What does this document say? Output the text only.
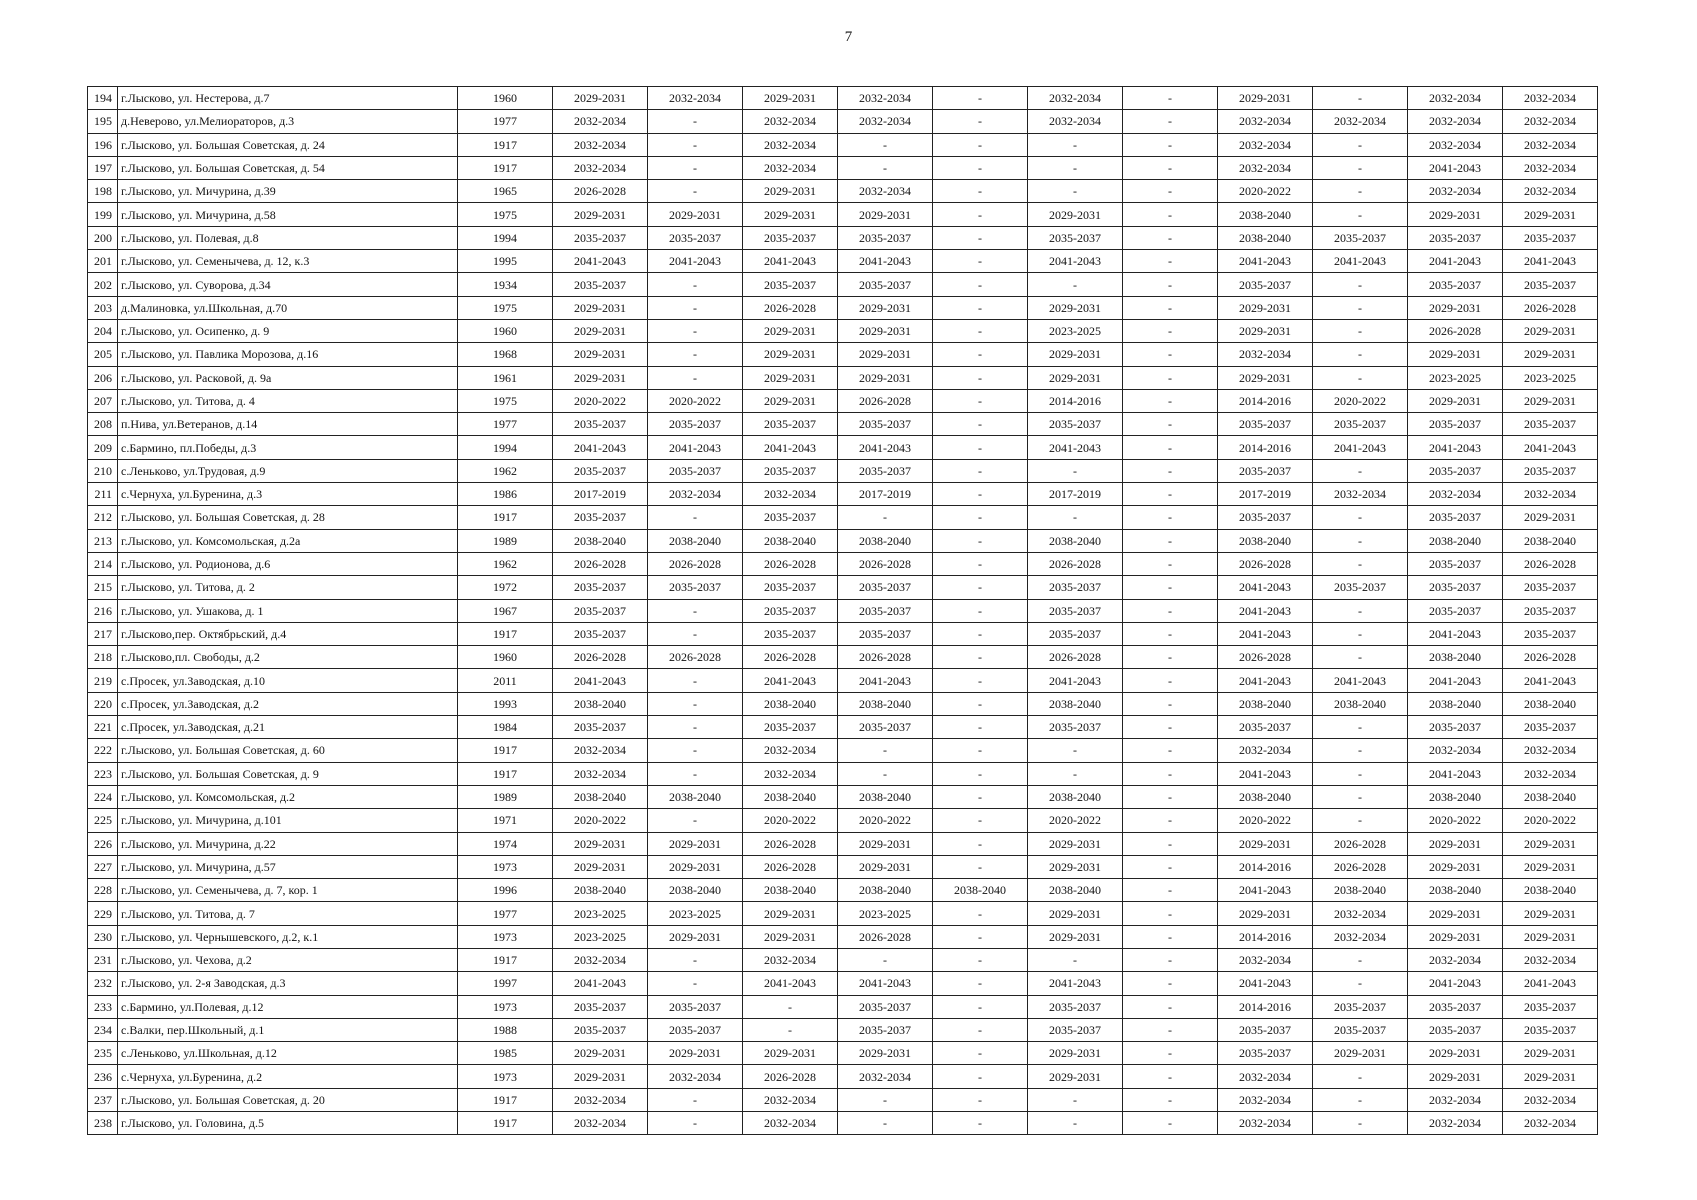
7
194	г.Лысково, ул. Нестерова, д.7	1960	2029-2031	2032-2034	2029-2031	2032-2034	-	2032-2034	-	2029-2031	-	2032-2034	2032-2034
195	д.Неверово, ул.Мелиораторов, д.3	1977	2032-2034	-	2032-2034	2032-2034	-	2032-2034	-	2032-2034	2032-2034	2032-2034	2032-2034
196	г.Лысково, ул. Большая Советская, д. 24	1917	2032-2034	-	2032-2034	-	-	-	-	2032-2034	-	2032-2034	2032-2034
197	г.Лысково, ул. Большая Советская, д. 54	1917	2032-2034	-	2032-2034	-	-	-	-	2032-2034	-	2041-2043	2032-2034
198	г.Лысково, ул. Мичурина, д.39	1965	2026-2028	-	2029-2031	2032-2034	-	-	-	2020-2022	-	2032-2034	2032-2034
199	г.Лысково, ул. Мичурина, д.58	1975	2029-2031	2029-2031	2029-2031	2029-2031	-	2029-2031	-	2038-2040	-	2029-2031	2029-2031
200	г.Лысково, ул. Полевая, д.8	1994	2035-2037	2035-2037	2035-2037	2035-2037	-	2035-2037	-	2038-2040	2035-2037	2035-2037	2035-2037
201	г.Лысково, ул. Семенычева, д. 12, к.3	1995	2041-2043	2041-2043	2041-2043	2041-2043	-	2041-2043	-	2041-2043	2041-2043	2041-2043	2041-2043
202	г.Лысково, ул. Суворова, д.34	1934	2035-2037	-	2035-2037	2035-2037	-	-	-	2035-2037	-	2035-2037	2035-2037
203	д.Малиновка, ул.Школьная, д.70	1975	2029-2031	-	2026-2028	2029-2031	-	2029-2031	-	2029-2031	-	2029-2031	2026-2028
204	г.Лысково, ул. Осипенко, д. 9	1960	2029-2031	-	2029-2031	2029-2031	-	2023-2025	-	2029-2031	-	2026-2028	2029-2031
205	г.Лысково, ул. Павлика Морозова, д.16	1968	2029-2031	-	2029-2031	2029-2031	-	2029-2031	-	2032-2034	-	2029-2031	2029-2031
206	г.Лысково, ул. Расковой, д. 9а	1961	2029-2031	-	2029-2031	2029-2031	-	2029-2031	-	2029-2031	-	2023-2025	2023-2025
207	г.Лысково, ул. Титова, д. 4	1975	2020-2022	2020-2022	2029-2031	2026-2028	-	2014-2016	-	2014-2016	2020-2022	2029-2031	2029-2031
208	п.Нива, ул.Ветеранов, д.14	1977	2035-2037	2035-2037	2035-2037	2035-2037	-	2035-2037	-	2035-2037	2035-2037	2035-2037	2035-2037
209	с.Бармино, пл.Победы, д.3	1994	2041-2043	2041-2043	2041-2043	2041-2043	-	2041-2043	-	2014-2016	2041-2043	2041-2043	2041-2043
210	с.Леньково, ул.Трудовая, д.9	1962	2035-2037	2035-2037	2035-2037	2035-2037	-	-	-	2035-2037	-	2035-2037	2035-2037
211	с.Чернуха, ул.Буренина, д.3	1986	2017-2019	2032-2034	2032-2034	2017-2019	-	2017-2019	-	2017-2019	2032-2034	2032-2034	2032-2034
212	г.Лысково, ул. Большая Советская, д. 28	1917	2035-2037	-	2035-2037	-	-	-	-	2035-2037	-	2035-2037	2029-2031
213	г.Лысково, ул. Комсомольская, д.2а	1989	2038-2040	2038-2040	2038-2040	2038-2040	-	2038-2040	-	2038-2040	-	2038-2040	2038-2040
214	г.Лысково, ул. Родионова, д.6	1962	2026-2028	2026-2028	2026-2028	2026-2028	-	2026-2028	-	2026-2028	-	2035-2037	2026-2028
215	г.Лысково, ул. Титова, д. 2	1972	2035-2037	2035-2037	2035-2037	2035-2037	-	2035-2037	-	2041-2043	2035-2037	2035-2037	2035-2037
216	г.Лысково, ул. Ушакова, д. 1	1967	2035-2037	-	2035-2037	2035-2037	-	2035-2037	-	2041-2043	-	2035-2037	2035-2037
217	г.Лысково,пер. Октябрьский, д.4	1917	2035-2037	-	2035-2037	2035-2037	-	2035-2037	-	2041-2043	-	2041-2043	2035-2037
218	г.Лысково,пл. Свободы, д.2	1960	2026-2028	2026-2028	2026-2028	2026-2028	-	2026-2028	-	2026-2028	-	2038-2040	2026-2028
219	с.Просек, ул.Заводская, д.10	2011	2041-2043	-	2041-2043	2041-2043	-	2041-2043	-	2041-2043	2041-2043	2041-2043	2041-2043
220	с.Просек, ул.Заводская, д.2	1993	2038-2040	-	2038-2040	2038-2040	-	2038-2040	-	2038-2040	2038-2040	2038-2040	2038-2040
221	с.Просек, ул.Заводская, д.21	1984	2035-2037	-	2035-2037	2035-2037	-	2035-2037	-	2035-2037	-	2035-2037	2035-2037
222	г.Лысково, ул. Большая Советская, д. 60	1917	2032-2034	-	2032-2034	-	-	-	-	2032-2034	-	2032-2034	2032-2034
223	г.Лысково, ул. Большая Советская, д. 9	1917	2032-2034	-	2032-2034	-	-	-	-	2041-2043	-	2041-2043	2032-2034
224	г.Лысково, ул. Комсомольская, д.2	1989	2038-2040	2038-2040	2038-2040	2038-2040	-	2038-2040	-	2038-2040	-	2038-2040	2038-2040
225	г.Лысково, ул. Мичурина, д.101	1971	2020-2022	-	2020-2022	2020-2022	-	2020-2022	-	2020-2022	-	2020-2022	2020-2022
226	г.Лысково, ул. Мичурина, д.22	1974	2029-2031	2029-2031	2026-2028	2029-2031	-	2029-2031	-	2029-2031	2026-2028	2029-2031	2029-2031
227	г.Лысково, ул. Мичурина, д.57	1973	2029-2031	2029-2031	2026-2028	2029-2031	-	2029-2031	-	2014-2016	2026-2028	2029-2031	2029-2031
228	г.Лысково, ул. Семенычева, д. 7, кор. 1	1996	2038-2040	2038-2040	2038-2040	2038-2040	2038-2040	2038-2040	-	2041-2043	2038-2040	2038-2040	2038-2040
229	г.Лысково, ул. Титова, д. 7	1977	2023-2025	2023-2025	2029-2031	2023-2025	-	2029-2031	-	2029-2031	2032-2034	2029-2031	2029-2031
230	г.Лысково, ул. Чернышевского, д.2, к.1	1973	2023-2025	2029-2031	2029-2031	2026-2028	-	2029-2031	-	2014-2016	2032-2034	2029-2031	2029-2031
231	г.Лысково, ул. Чехова, д.2	1917	2032-2034	-	2032-2034	-	-	-	-	2032-2034	-	2032-2034	2032-2034
232	г.Лысково, ул. 2-я Заводская, д.3	1997	2041-2043	-	2041-2043	2041-2043	-	2041-2043	-	2041-2043	-	2041-2043	2041-2043
233	с.Бармино, ул.Полевая, д.12	1973	2035-2037	2035-2037	-	2035-2037	-	2035-2037	-	2014-2016	2035-2037	2035-2037	2035-2037
234	с.Валки, пер.Школьный, д.1	1988	2035-2037	2035-2037	-	2035-2037	-	2035-2037	-	2035-2037	2035-2037	2035-2037	2035-2037
235	с.Леньково, ул.Школьная, д.12	1985	2029-2031	2029-2031	2029-2031	2029-2031	-	2029-2031	-	2035-2037	2029-2031	2029-2031	2029-2031
236	с.Чернуха, ул.Буренина, д.2	1973	2029-2031	2032-2034	2026-2028	2032-2034	-	2029-2031	-	2032-2034	-	2029-2031	2029-2031
237	г.Лысково, ул. Большая Советская, д. 20	1917	2032-2034	-	2032-2034	-	-	-	-	2032-2034	-	2032-2034	2032-2034
238	г.Лысково, ул. Головина, д.5	1917	2032-2034	-	2032-2034	-	-	-	-	2032-2034	-	2032-2034	2032-2034
